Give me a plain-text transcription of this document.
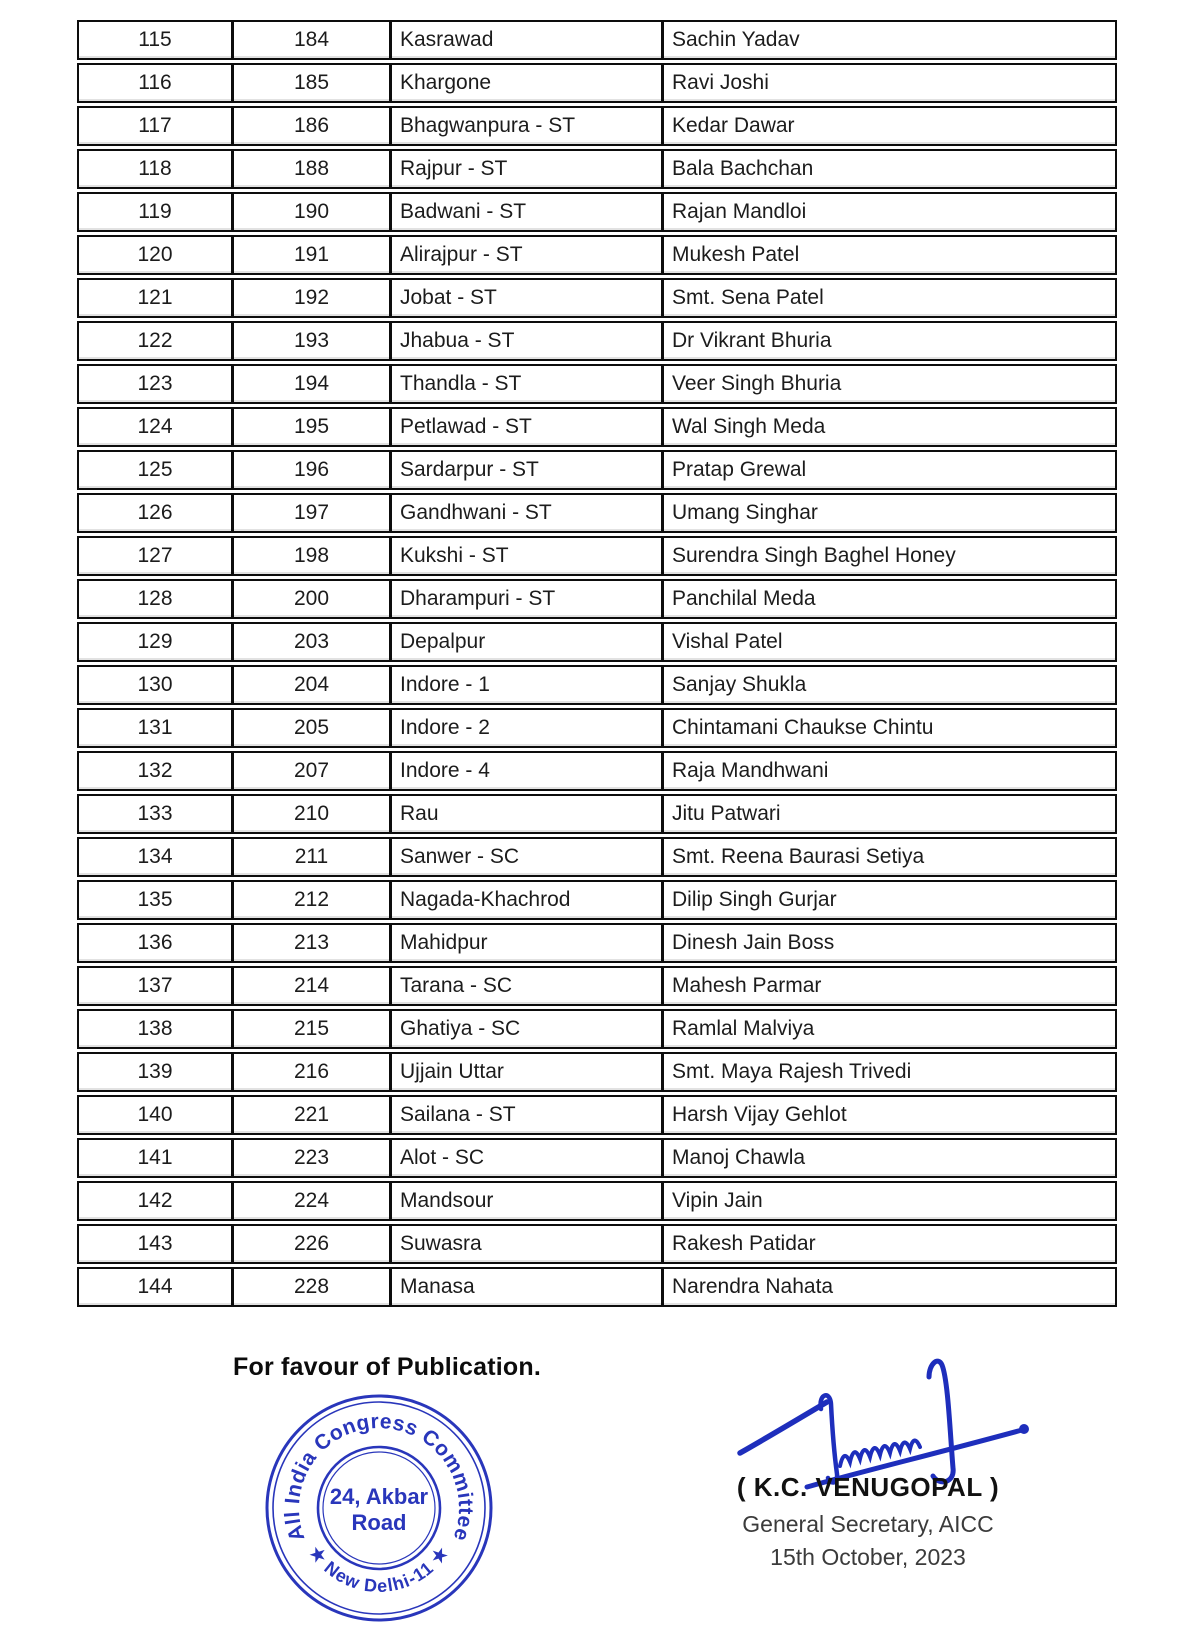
115	184	Kasrawad	Sachin Yadav
116	185	Khargone	Ravi Joshi
117	186	Bhagwanpura - ST	Kedar Dawar
118	188	Rajpur - ST	Bala Bachchan
119	190	Badwani - ST	Rajan Mandloi
120	191	Alirajpur - ST	Mukesh Patel
121	192	Jobat - ST	Smt. Sena Patel
122	193	Jhabua - ST	Dr Vikrant Bhuria
123	194	Thandla - ST	Veer Singh Bhuria
124	195	Petlawad - ST	Wal Singh Meda
125	196	Sardarpur - ST	Pratap Grewal
126	197	Gandhwani - ST	Umang Singhar
127	198	Kukshi - ST	Surendra Singh Baghel Honey
128	200	Dharampuri - ST	Panchilal Meda
129	203	Depalpur	Vishal Patel
130	204	Indore - 1	Sanjay Shukla
131	205	Indore - 2	Chintamani Chaukse Chintu
132	207	Indore - 4	Raja Mandhwani
133	210	Rau	Jitu Patwari
134	211	Sanwer - SC	Smt. Reena Baurasi Setiya
135	212	Nagada-Khachrod	Dilip Singh Gurjar
136	213	Mahidpur	Dinesh Jain Boss
137	214	Tarana - SC	Mahesh Parmar
138	215	Ghatiya - SC	Ramlal Malviya
139	216	Ujjain Uttar	Smt. Maya Rajesh Trivedi
140	221	Sailana - ST	Harsh Vijay Gehlot
141	223	Alot - SC	Manoj Chawla
142	224	Mandsour	Vipin Jain
143	226	Suwasra	Rakesh Patidar
144	228	Manasa	Narendra Nahata
For favour of Publication.
All India Congress Committee
★ New Delhi-11 ★
24, Akbar
Road
( K.C. VENUGOPAL )
General Secretary, AICC
15th October, 2023
